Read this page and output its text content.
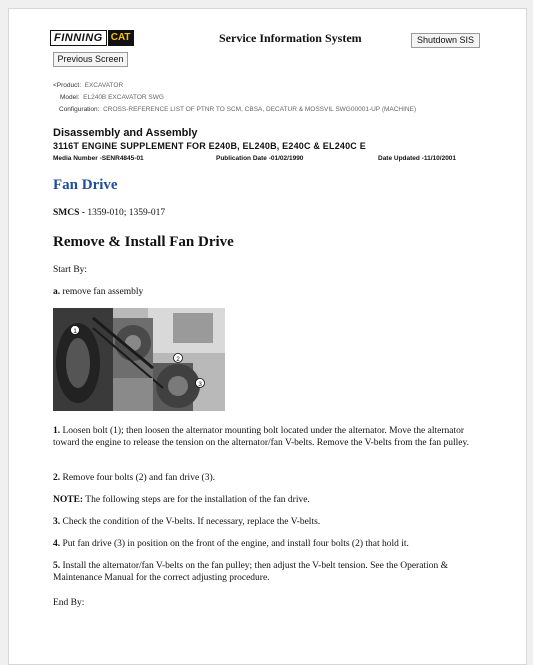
FINNING CAT	Service Information System	Shutdown SIS
Previous Screen
<Product: EXCAVATOR
Model: EL240B EXCAVATOR SWG
Configuration: CROSS-REFERENCE LIST OF PTNR TO SCM, CBSA, DECATUR & MOSSVIL SWG00001-UP (MACHINE)
Disassembly and Assembly
3116T ENGINE SUPPLEMENT FOR E240B, EL240B, E240C & EL240C E
Media Number -SENR4845-01	Publication Date -01/02/1990	Date Updated -11/10/2001
Fan Drive
SMCS - 1359-010; 1359-017
Remove & Install Fan Drive
Start By:
a. remove fan assembly
1
2
3
1. Loosen bolt (1); then loosen the alternator mounting bolt located under the alternator. Move the alternator toward the engine to release the tension on the alternator/fan V-belts. Remove the V-belts from the fan pulley.
2. Remove four bolts (2) and fan drive (3).
NOTE: The following steps are for the installation of the fan drive.
3. Check the condition of the V-belts. If necessary, replace the V-belts.
4. Put fan drive (3) in position on the front of the engine, and install four bolts (2) that hold it.
5. Install the alternator/fan V-belts on the fan pulley; then adjust the V-belt tension. See the Operation & Maintenance Manual for the correct adjusting procedure.
End By:
